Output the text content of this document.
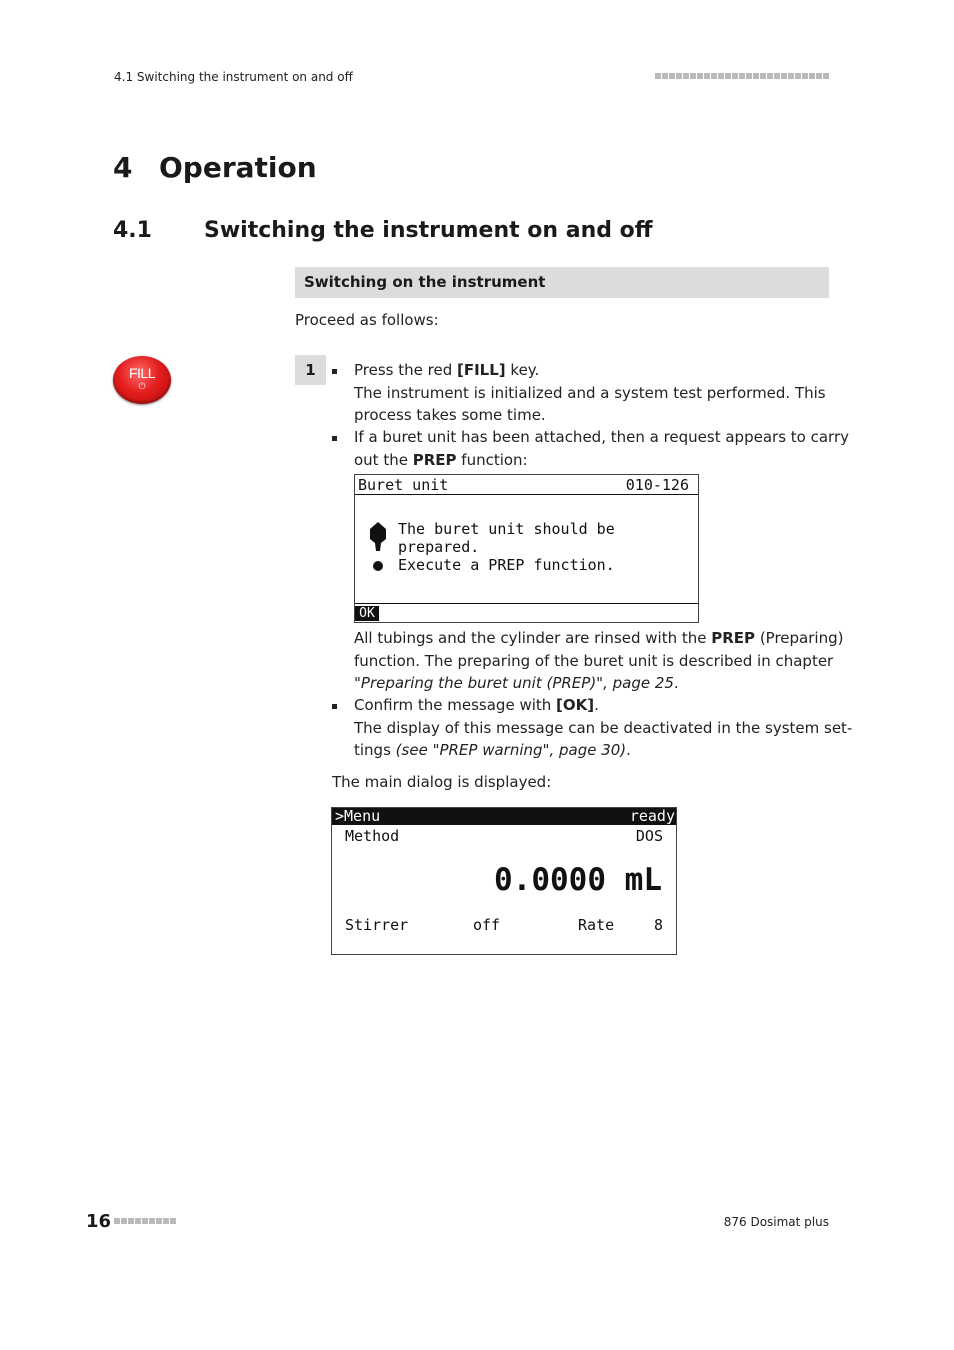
4.1 Switching the instrument on and off
4 Operation
4.1 Switching the instrument on and off
Switching on the instrument
Proceed as follows:
FILL
⏻
1	Press the red [FILL] key.
The instrument is initialized and a system test performed. This
process takes some time.
If a buret unit has been attached, then a request appears to carry
out the PREP function:
Buret unit	010-126
The buret unit should be
prepared.
Execute a PREP function.
OK
All tubings and the cylinder are rinsed with the PREP (Preparing)
function. The preparing of the buret unit is described in chapter
"Preparing the buret unit (PREP)", page 25.
Confirm the message with [OK].
The display of this message can be deactivated in the system set-
tings (see "PREP warning", page 30).
The main dialog is displayed:
>Menu	ready
Method	DOS
0.0000 mL
Stirrer	off	Rate	8
16	876 Dosimat plus
